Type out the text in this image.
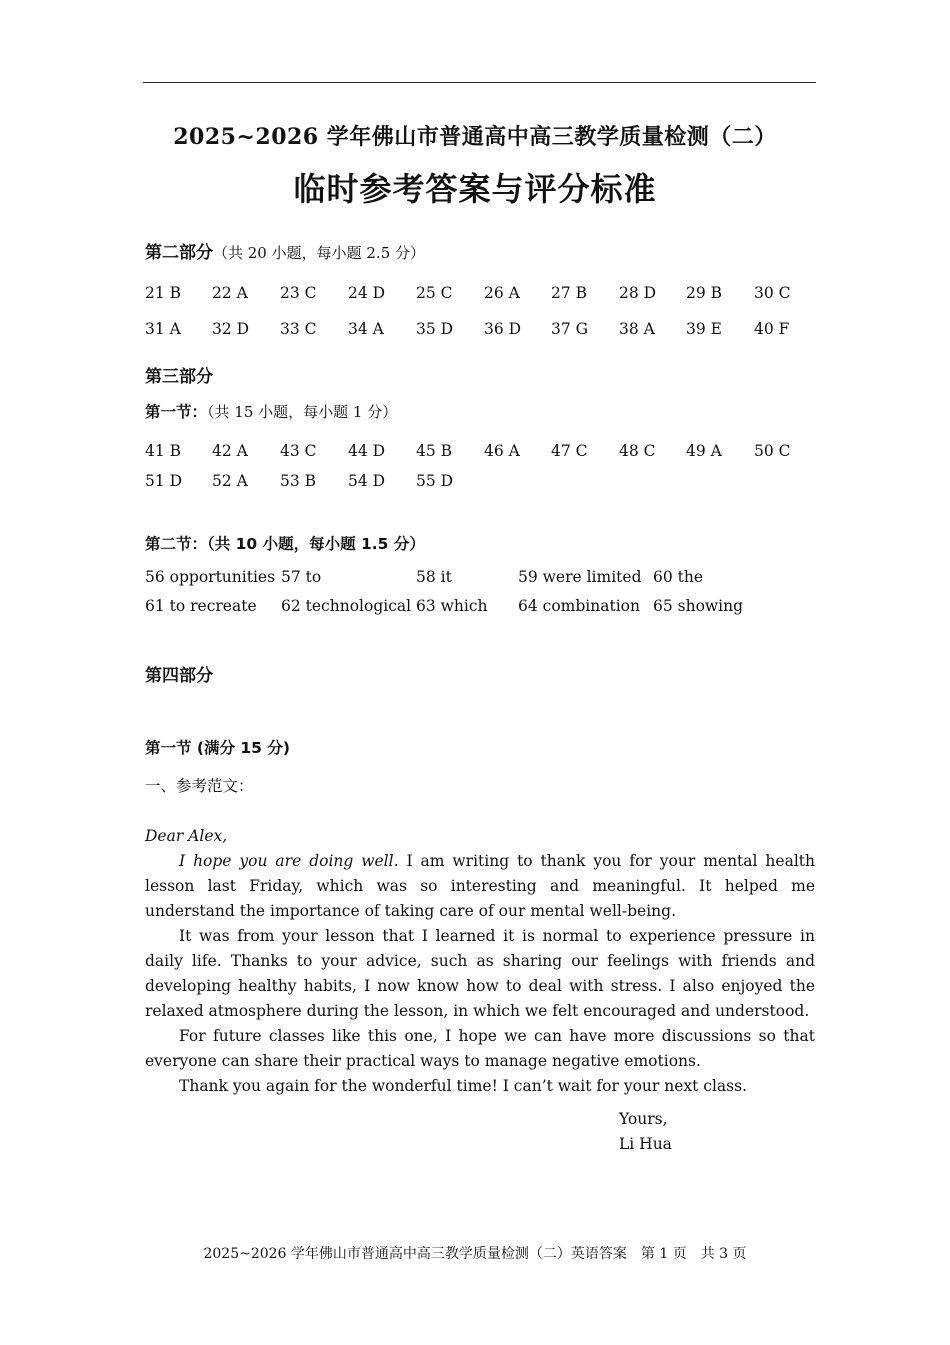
2025~2026 学年佛山市普通高中高三教学质量检测（二）
临时参考答案与评分标准
第二部分（共 20 小题，每小题 2.5 分）
21 B 22 A 23 C 24 D 25 C 26 A 27 B 28 D 29 B 30 C
31 A 32 D 33 C 34 A 35 D 36 D 37 G 38 A 39 E 40 F
第三部分
第一节：（共 15 小题，每小题 1 分）
41 B 42 A 43 C 44 D 45 B 46 A 47 C 48 C 49 A 50 C
51 D 52 A 53 B 54 D 55 D
第二节：（共 10 小题，每小题 1.5 分）
56 opportunities 57 to	58 it	59 were limited 60 the
61 to recreate 62 technological 63 which 64 combination 65 showing
第四部分
第一节 (满分 15 分)
一、参考范文：

Dear Alex,

I hope you are doing well. I am writing to thank you for your mental health lesson last Friday, which was so interesting and meaningful. It helped me understand the importance of taking care of our mental well-being.

It was from your lesson that I learned it is normal to experience pressure in daily life. Thanks to your advice, such as sharing our feelings with friends and developing healthy habits, I now know how to deal with stress. I also enjoyed the relaxed atmosphere during the lesson, in which we felt encouraged and understood.

For future classes like this one, I hope we can have more discussions so that everyone can share their practical ways to manage negative emotions.

Thank you again for the wonderful time! I can’t wait for your next class.

Yours,
Li Hua
2025~2026 学年佛山市普通高中高三教学质量检测（二）英语答案　第 1 页　共 3 页
